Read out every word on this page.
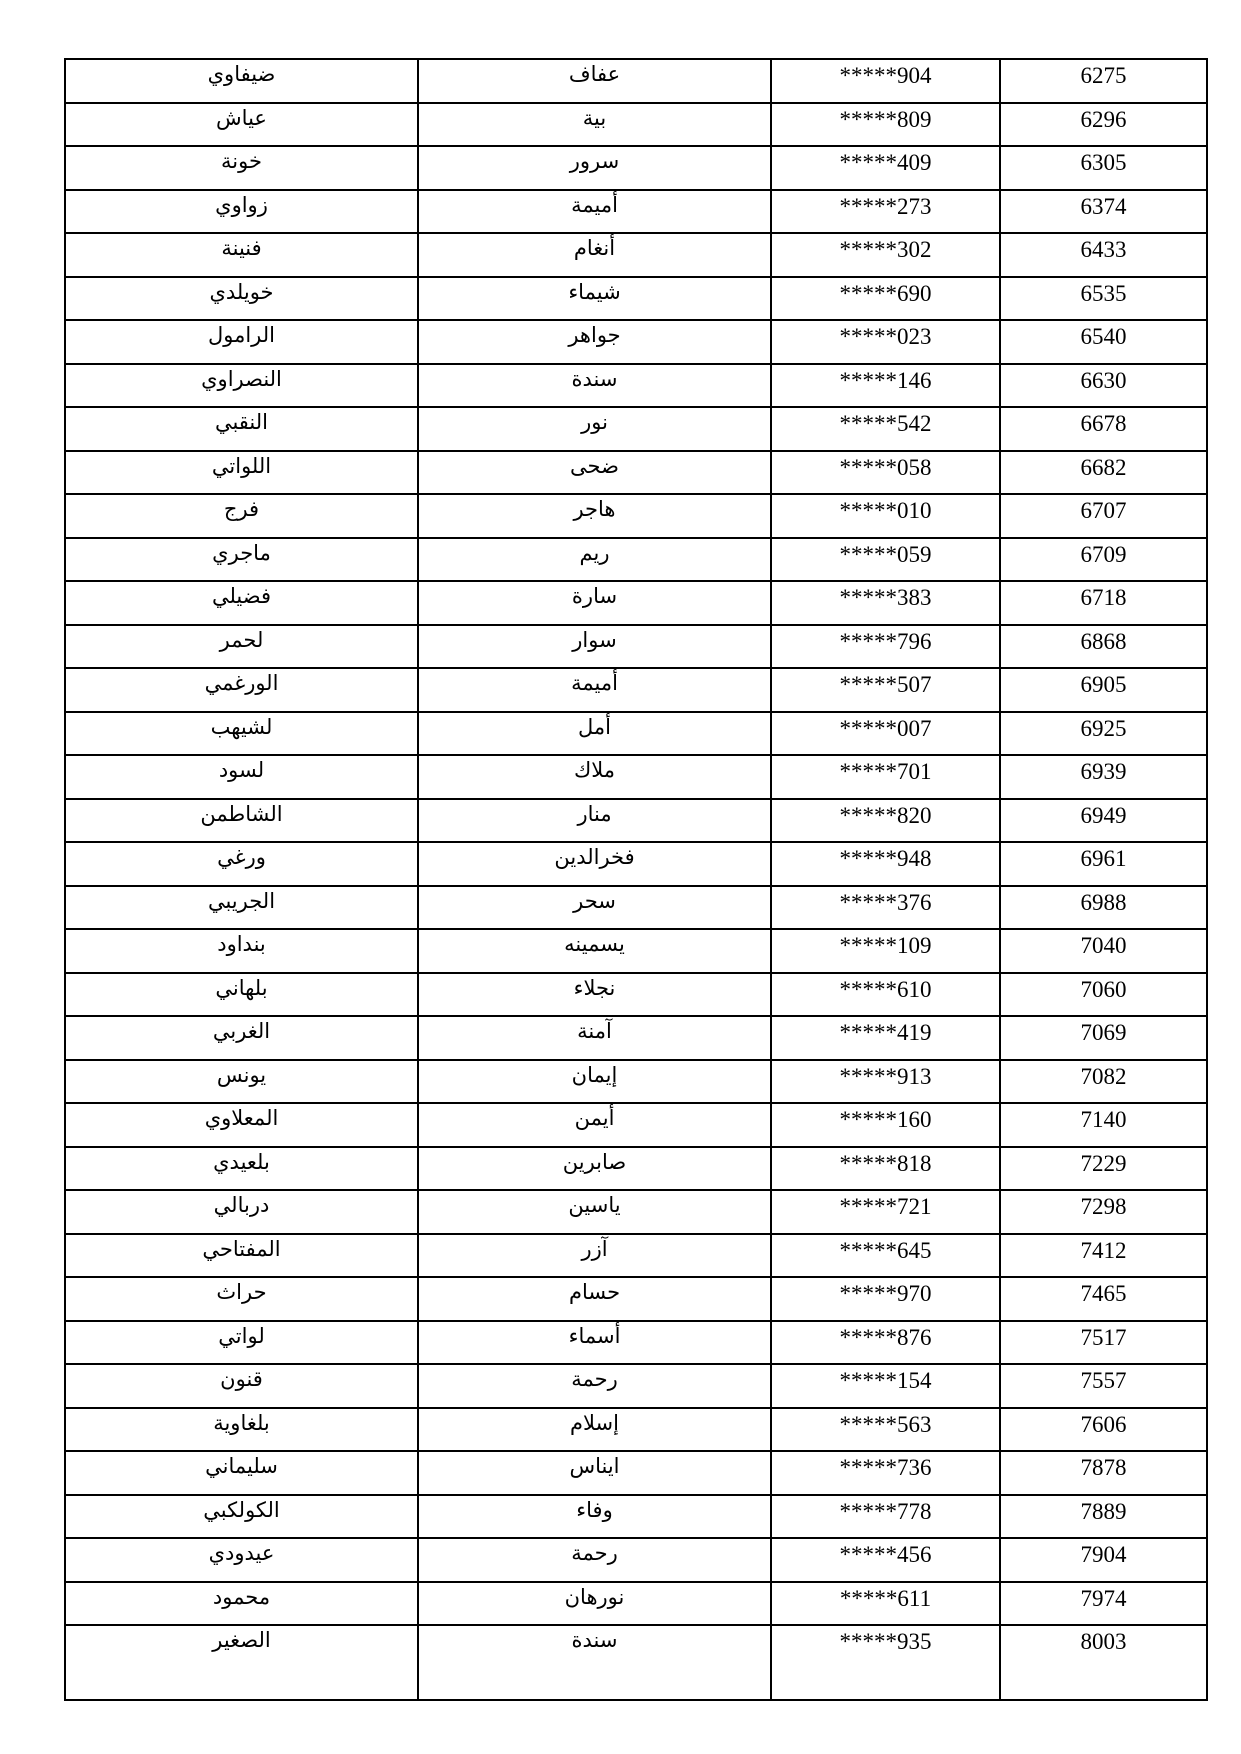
ضيفاوي	عفاف	*****904	6275
عياش	بية	*****809	6296
خونة	سرور	*****409	6305
زواوي	أميمة	*****273	6374
فنينة	أنغام	*****302	6433
خويلدي	شيماء	*****690	6535
الرامول	جواهر	*****023	6540
النصراوي	سندة	*****146	6630
النقبي	نور	*****542	6678
اللواتي	ضحى	*****058	6682
فرج	هاجر	*****010	6707
ماجري	ريم	*****059	6709
فضيلي	سارة	*****383	6718
لحمر	سوار	*****796	6868
الورغمي	أميمة	*****507	6905
لشيهب	أمل	*****007	6925
لسود	ملاك	*****701	6939
الشاطمن	منار	*****820	6949
ورغي	فخرالدين	*****948	6961
الجريبي	سحر	*****376	6988
بنداود	يسمينه	*****109	7040
بلهاني	نجلاء	*****610	7060
الغربي	آمنة	*****419	7069
يونس	إيمان	*****913	7082
المعلاوي	أيمن	*****160	7140
بلعيدي	صابرين	*****818	7229
دربالي	ياسين	*****721	7298
المفتاحي	آزر	*****645	7412
حراث	حسام	*****970	7465
لواتي	أسماء	*****876	7517
قنون	رحمة	*****154	7557
بلغاوية	إسلام	*****563	7606
سليماني	ايناس	*****736	7878
الكولكبي	وفاء	*****778	7889
عيدودي	رحمة	*****456	7904
محمود	نورهان	*****611	7974
الصغير	سندة	*****935	8003
